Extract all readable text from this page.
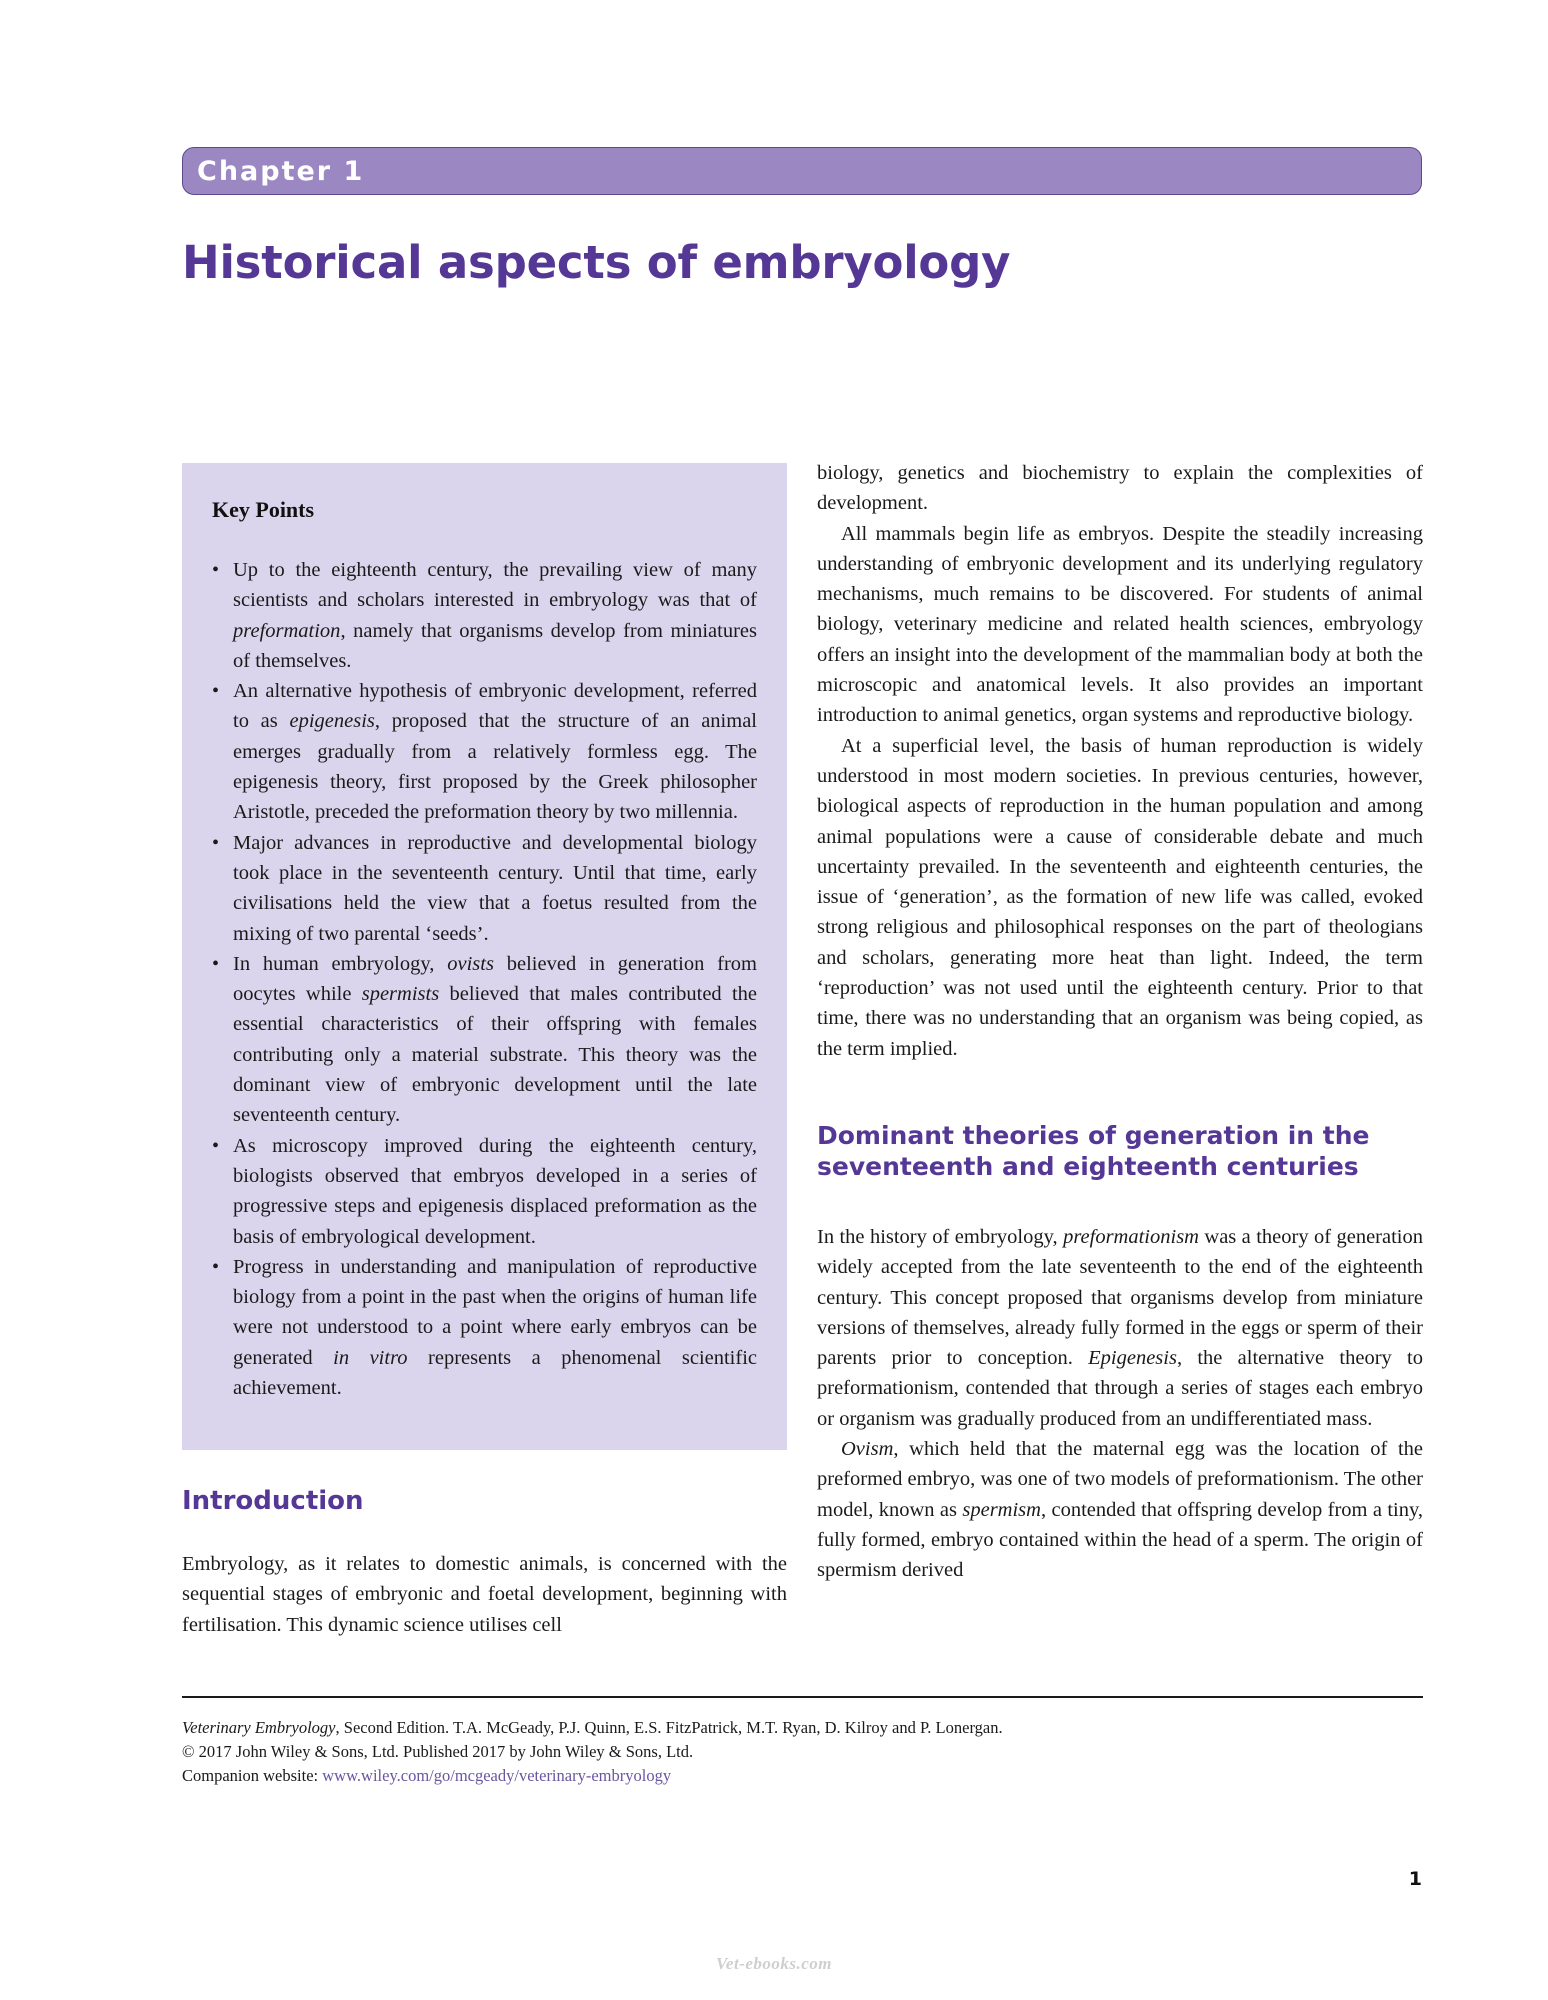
Chapter 1
Historical aspects of embryology
Key Points
• Up to the eighteenth century, the prevailing view of many scientists and scholars interested in embryology was that of preformation, namely that organisms develop from miniatures of themselves.
• An alternative hypothesis of embryonic development, referred to as epigenesis, proposed that the structure of an animal emerges gradually from a relatively formless egg. The epigenesis theory, first proposed by the Greek philosopher Aristotle, preceded the preformation theory by two millennia.
• Major advances in reproductive and developmental biology took place in the seventeenth century. Until that time, early civilisations held the view that a foetus resulted from the mixing of two parental ‘seeds’.
• In human embryology, ovists believed in generation from oocytes while spermists believed that males contributed the essential characteristics of their offspring with females contributing only a material substrate. This theory was the dominant view of embryonic development until the late seventeenth century.
• As microscopy improved during the eighteenth century, biologists observed that embryos developed in a series of progressive steps and epigenesis displaced preformation as the basis of embryological development.
• Progress in understanding and manipulation of reproductive biology from a point in the past when the origins of human life were not understood to a point where early embryos can be generated in vitro represents a phenomenal scientific achievement.
Introduction

Embryology, as it relates to domestic animals, is concerned with the sequential stages of embryonic and foetal development, beginning with fertilisation. This dynamic science utilises cell

biology, genetics and biochemistry to explain the complexities of development.

All mammals begin life as embryos. Despite the steadily increasing understanding of embryonic development and its underlying regulatory mechanisms, much remains to be discovered. For students of animal biology, veterinary medicine and related health sciences, embryology offers an insight into the development of the mammalian body at both the microscopic and anatomical levels. It also provides an important introduction to animal genetics, organ systems and reproductive biology.

At a superficial level, the basis of human reproduction is widely understood in most modern societies. In previous centuries, however, biological aspects of reproduction in the human population and among animal populations were a cause of considerable debate and much uncertainty prevailed. In the seventeenth and eighteenth centuries, the issue of ‘generation’, as the formation of new life was called, evoked strong religious and philosophical responses on the part of theologians and scholars, generating more heat than light. Indeed, the term ‘reproduction’ was not used until the eighteenth century. Prior to that time, there was no understanding that an organism was being copied, as the term implied.

Dominant theories of generation in the seventeenth and eighteenth centuries

In the history of embryology, preformationism was a theory of generation widely accepted from the late seventeenth to the end of the eighteenth century. This concept proposed that organisms develop from miniature versions of themselves, already fully formed in the eggs or sperm of their parents prior to conception. Epigenesis, the alternative theory to preformationism, contended that through a series of stages each embryo or organism was gradually produced from an undifferentiated mass.

Ovism, which held that the maternal egg was the location of the preformed embryo, was one of two models of preformationism. The other model, known as spermism, contended that offspring develop from a tiny, fully formed, embryo contained within the head of a sperm. The origin of spermism derived

Veterinary Embryology, Second Edition. T.A. McGeady, P.J. Quinn, E.S. FitzPatrick, M.T. Ryan, D. Kilroy and P. Lonergan.

© 2017 John Wiley & Sons, Ltd. Published 2017 by John Wiley & Sons, Ltd.

Companion website: www.wiley.com/go/mcgeady/veterinary-embryology

1
Vet-ebooks.com
